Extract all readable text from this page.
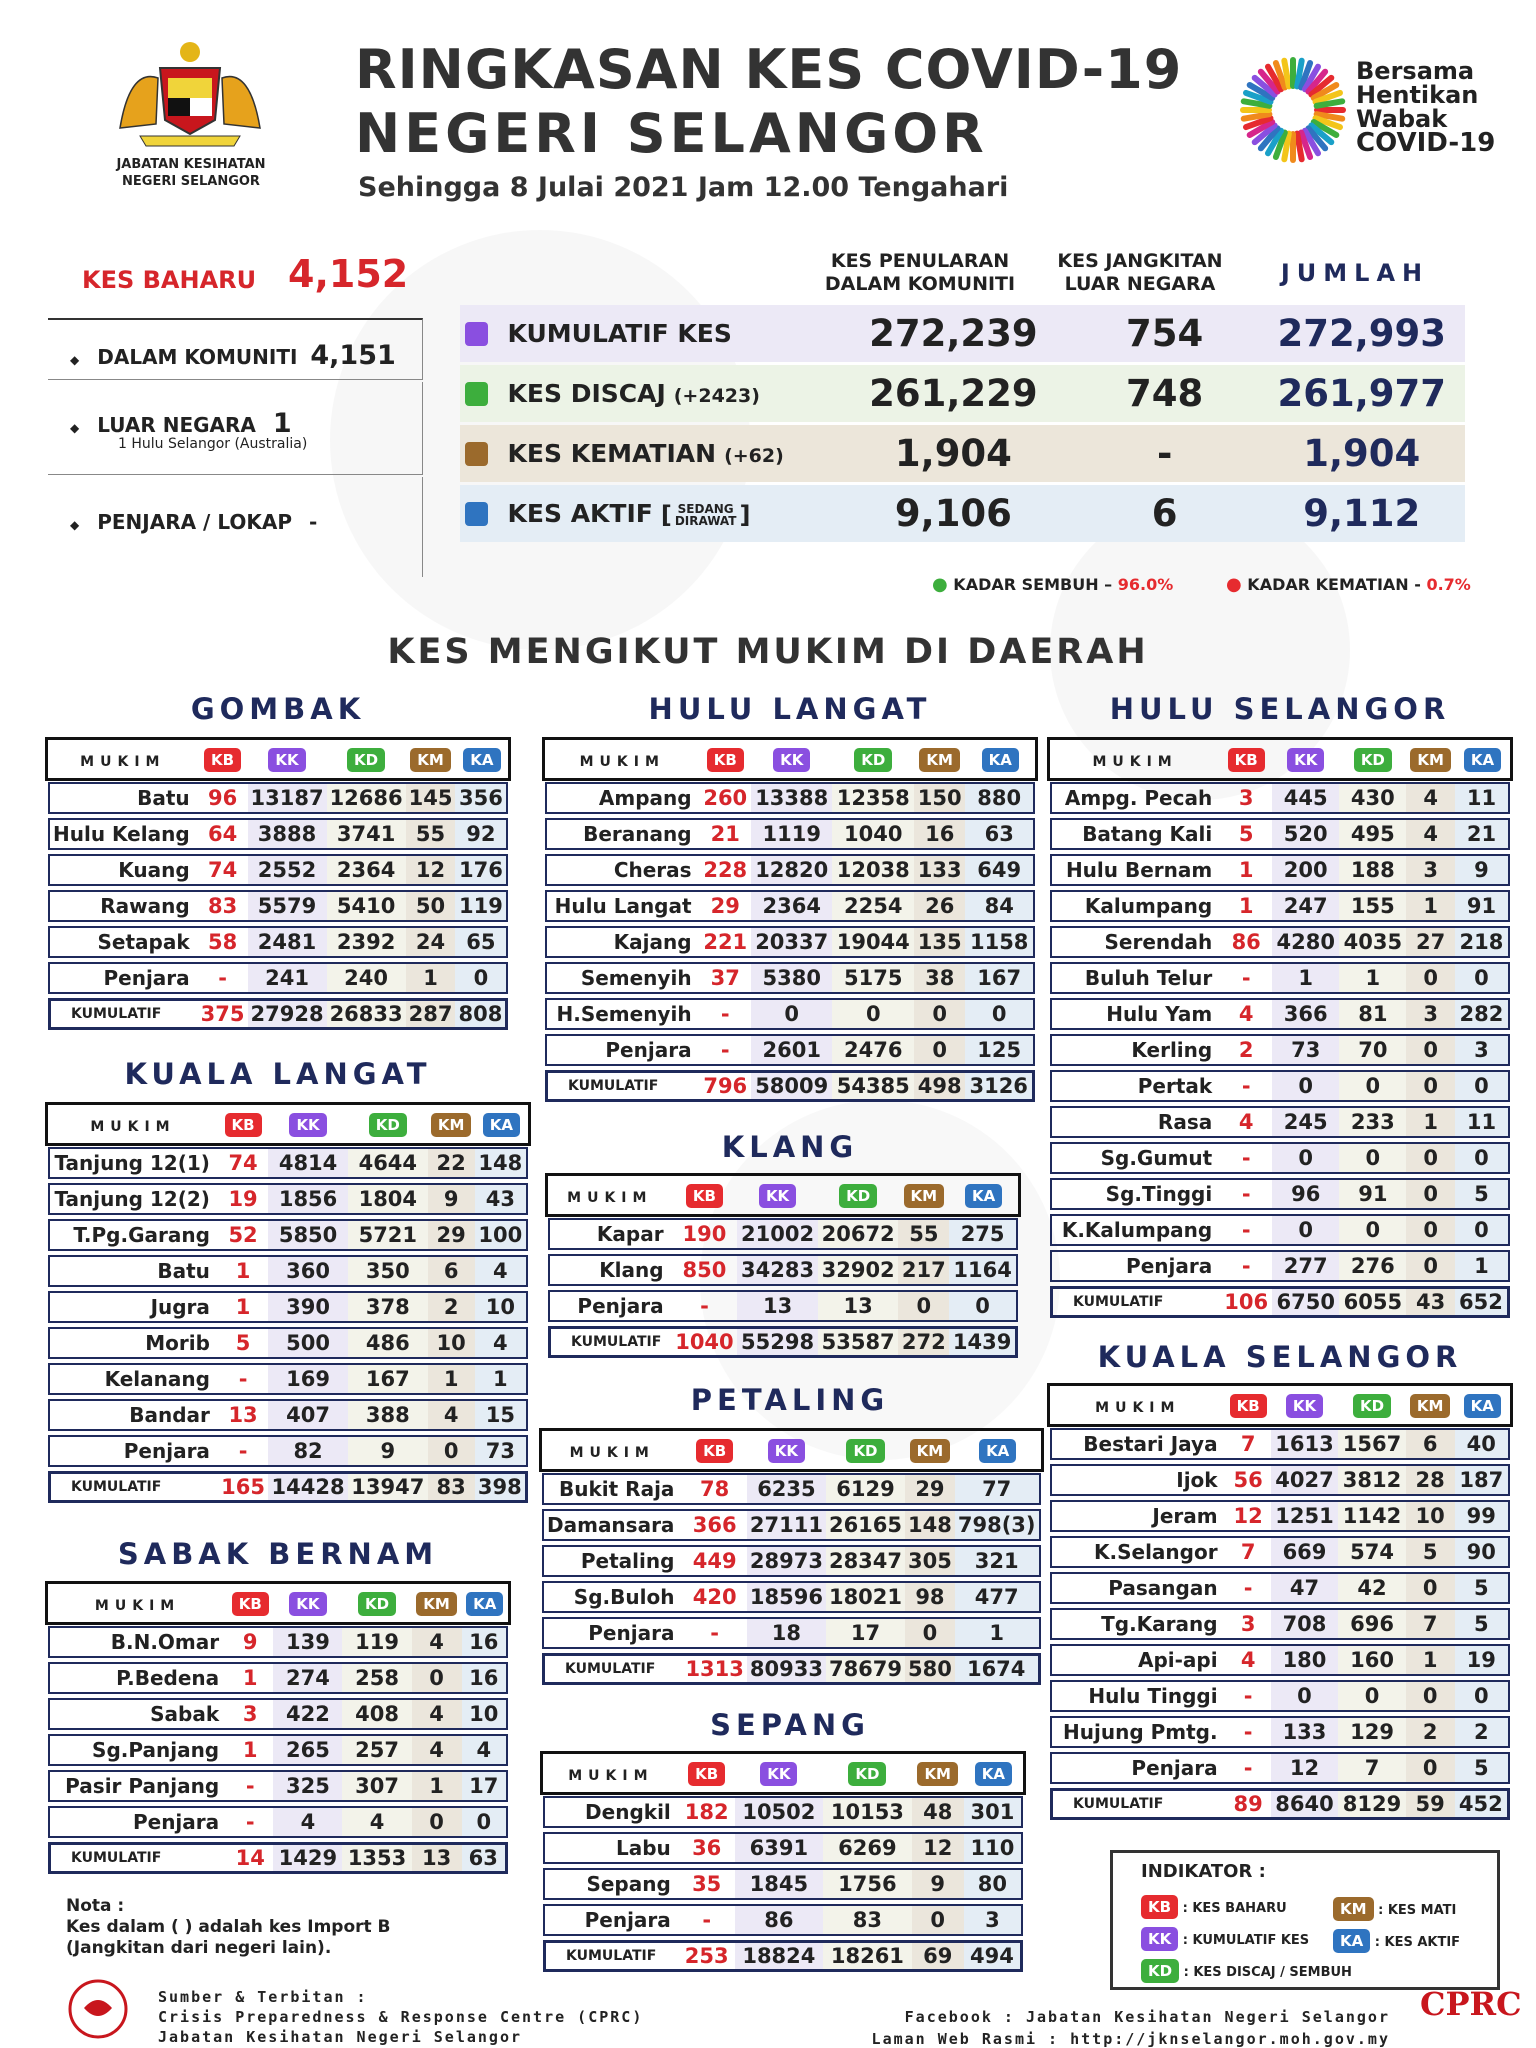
JABATAN KESIHATAN
NEGERI SELANGOR
RINGKASAN KES COVID-19
NEGERI SELANGOR
Sehingga 8 Julai 2021 Jam 12.00 Tengahari
Bersama
Hentikan
Wabak
COVID-19
KES BAHARU 4,152
◆ DALAM KOMUNITI 4,151
◆ LUAR NEGARA 1
1 Hulu Selangor (Australia)
◆ PENJARA / LOKAP -
KES PENULARAN
DALAM KOMUNITI
KES JANGKITAN
LUAR NEGARA	JUMLAH
KUMULATIF KES	272,239	754	272,993
KES DISCAJ (+2423)	261,229	748	261,977
KES KEMATIAN (+62)	1,904	-	1,904
KES AKTIF [ SEDANG
DIRAWAT ]	9,106	6	9,112
● KADAR SEMBUH – 96.0%	● KADAR KEMATIAN - 0.7%
KES MENGIKUT MUKIM DI DAERAH
GOMBAK
KUALA LANGAT
SABAK BERNAM
HULU LANGAT
KLANG
PETALING
SEPANG
HULU SELANGOR
KUALA SELANGOR
MUKIM	KB	KK	KD	KM	KA
Batu	96	13187	12686	145	356
Hulu Kelang	64	3888	3741	55	92
Kuang	74	2552	2364	12	176
Rawang	83	5579	5410	50	119
Setapak	58	2481	2392	24	65
Penjara	-	241	240	1	0
KUMULATIF	375	27928	26833	287	808
MUKIM	KB	KK	KD	KM	KA
Tanjung 12(1)	74	4814	4644	22	148
Tanjung 12(2)	19	1856	1804	9	43
T.Pg.Garang	52	5850	5721	29	100
Batu	1	360	350	6	4
Jugra	1	390	378	2	10
Morib	5	500	486	10	4
Kelanang	-	169	167	1	1
Bandar	13	407	388	4	15
Penjara	-	82	9	0	73
KUMULATIF	165	14428	13947	83	398
MUKIM	KB	KK	KD	KM	KA
B.N.Omar	9	139	119	4	16
P.Bedena	1	274	258	0	16
Sabak	3	422	408	4	10
Sg.Panjang	1	265	257	4	4
Pasir Panjang	-	325	307	1	17
Penjara	-	4	4	0	0
KUMULATIF	14	1429	1353	13	63
MUKIM	KB	KK	KD	KM	KA
Ampang	260	13388	12358	150	880
Beranang	21	1119	1040	16	63
Cheras	228	12820	12038	133	649
Hulu Langat	29	2364	2254	26	84
Kajang	221	20337	19044	135	1158
Semenyih	37	5380	5175	38	167
H.Semenyih	-	0	0	0	0
Penjara	-	2601	2476	0	125
KUMULATIF	796	58009	54385	498	3126
MUKIM	KB	KK	KD	KM	KA
Kapar	190	21002	20672	55	275
Klang	850	34283	32902	217	1164
Penjara	-	13	13	0	0
KUMULATIF	1040	55298	53587	272	1439
MUKIM	KB	KK	KD	KM	KA
Bukit Raja	78	6235	6129	29	77
Damansara	366	27111	26165	148	798(3)
Petaling	449	28973	28347	305	321
Sg.Buloh	420	18596	18021	98	477
Penjara	-	18	17	0	1
KUMULATIF	1313	80933	78679	580	1674
MUKIM	KB	KK	KD	KM	KA
Dengkil	182	10502	10153	48	301
Labu	36	6391	6269	12	110
Sepang	35	1845	1756	9	80
Penjara	-	86	83	0	3
KUMULATIF	253	18824	18261	69	494
MUKIM	KB	KK	KD	KM	KA
Ampg. Pecah	3	445	430	4	11
Batang Kali	5	520	495	4	21
Hulu Bernam	1	200	188	3	9
Kalumpang	1	247	155	1	91
Serendah	86	4280	4035	27	218
Buluh Telur	-	1	1	0	0
Hulu Yam	4	366	81	3	282
Kerling	2	73	70	0	3
Pertak	-	0	0	0	0
Rasa	4	245	233	1	11
Sg.Gumut	-	0	0	0	0
Sg.Tinggi	-	96	91	0	5
K.Kalumpang	-	0	0	0	0
Penjara	-	277	276	0	1
KUMULATIF	106	6750	6055	43	652
MUKIM	KB	KK	KD	KM	KA
Bestari Jaya	7	1613	1567	6	40
Ijok	56	4027	3812	28	187
Jeram	12	1251	1142	10	99
K.Selangor	7	669	574	5	90
Pasangan	-	47	42	0	5
Tg.Karang	3	708	696	7	5
Api-api	4	180	160	1	19
Hulu Tinggi	-	0	0	0	0
Hujung Pmtg.	-	133	129	2	2
Penjara	-	12	7	0	5
KUMULATIF	89	8640	8129	59	452
Nota :
Kes dalam ( ) adalah kes Import B
(Jangkitan dari negeri lain).
INDIKATOR :
KB : KES BAHARU
KK : KUMULATIF KES
KD : KES DISCAJ / SEMBUH
KM : KES MATI
KA : KES AKTIF
Sumber & Terbitan :
Crisis Preparedness & Response Centre (CPRC)
Jabatan Kesihatan Negeri Selangor
Facebook : Jabatan Kesihatan Negeri Selangor
Laman Web Rasmi : http://jknselangor.moh.gov.my
CPRC
